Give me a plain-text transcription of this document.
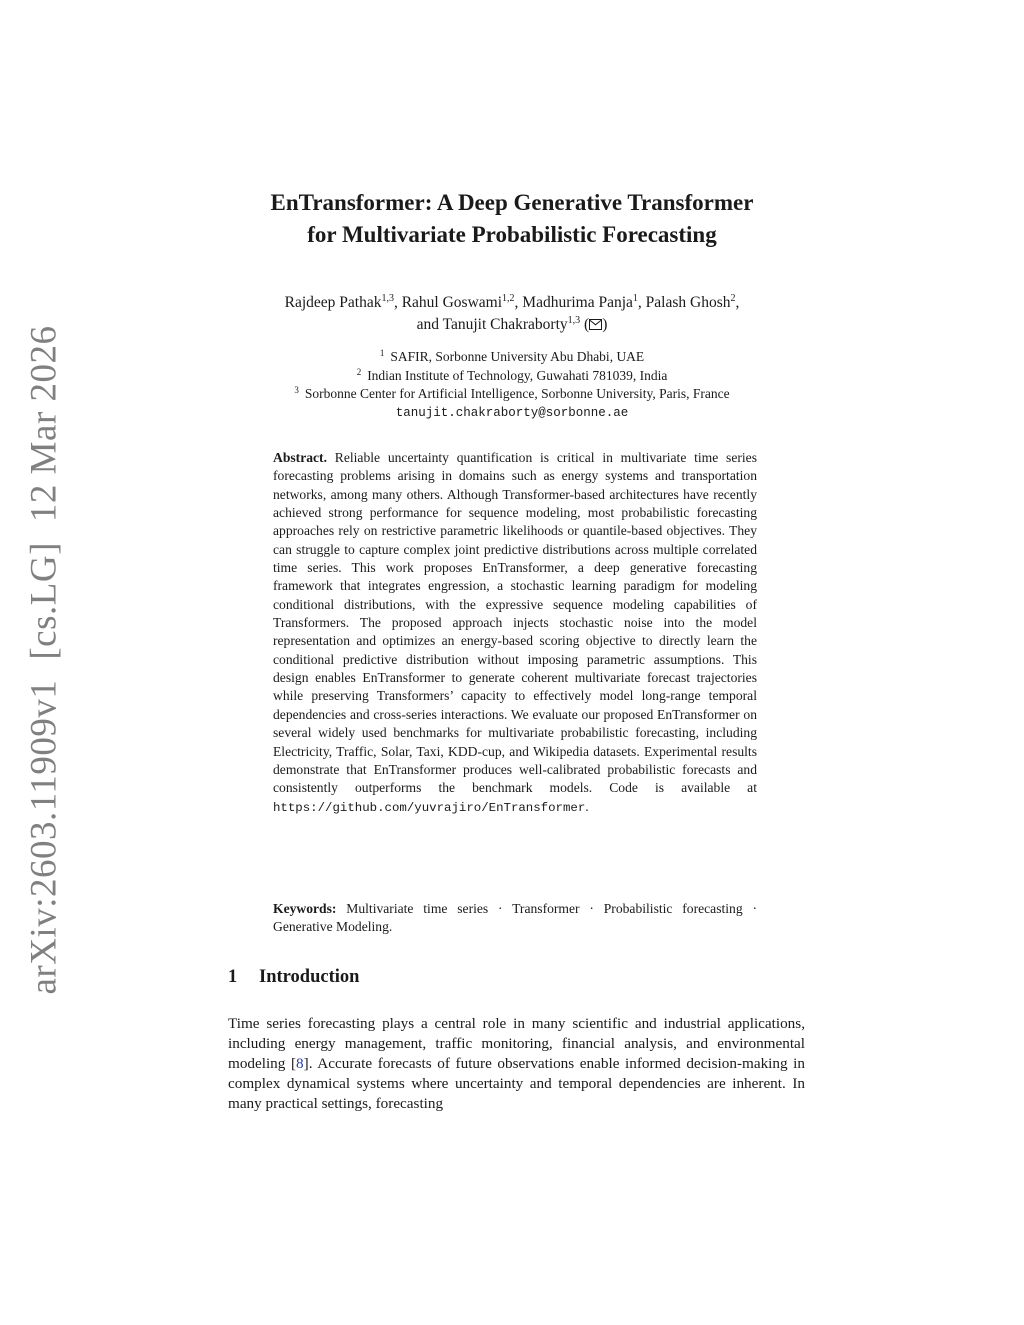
arXiv:2603.11909v1[cs.LG]12 Mar 2026
EnTransformer: A Deep Generative Transformer
for Multivariate Probabilistic Forecasting
Rajdeep Pathak$^{1,3}$, Rahul Goswami$^{1,2}$, Madhurima Panja$^1$, Palash Ghosh$^2$,
and Tanujit Chakraborty$^{1,3}$ ( )
$^1$ SAFIR, Sorbonne University Abu Dhabi, UAE
$^2$ Indian Institute of Technology, Guwahati 781039, India
$^3$ Sorbonne Center for Artificial Intelligence, Sorbonne University, Paris, France
tanujit.chakraborty@sorbonne.ae
Abstract. Reliable uncertainty quantification is critical in multivariate time series forecasting problems arising in domains such as energy systems and transportation networks, among many others. Although Transformer-based architectures have recently achieved strong performance for sequence modeling, most probabilistic forecasting approaches rely on restrictive parametric likelihoods or quantile-based objectives. They can struggle to capture complex joint predictive distributions across multiple correlated time series. This work proposes EnTransformer, a deep generative forecasting framework that integrates engression, a stochastic learning paradigm for modeling conditional distributions, with the expressive sequence modeling capabilities of Transformers. The proposed approach injects stochastic noise into the model representation and optimizes an energy-based scoring objective to directly learn the conditional predictive distribution without imposing parametric assumptions. This design enables EnTransformer to generate coherent multivariate forecast trajectories while preserving Transformers’ capacity to effectively model long-range temporal dependencies and cross-series interactions. We evaluate our proposed EnTransformer on several widely used benchmarks for multivariate probabilistic forecasting, including Electricity, Traffic, Solar, Taxi, KDD-cup, and Wikipedia datasets. Experimental results demonstrate that EnTransformer produces well-calibrated probabilistic forecasts and consistently outperforms the benchmark models. Code is available at https://github.com/yuvrajiro/EnTransformer.
Keywords: Multivariate time series · Transformer · Probabilistic forecasting · Generative Modeling.
1 Introduction
Time series forecasting plays a central role in many scientific and industrial applications, including energy management, traffic monitoring, financial analysis, and environmental modeling [8]. Accurate forecasts of future observations enable informed decision-making in complex dynamical systems where uncertainty and temporal dependencies are inherent. In many practical settings, forecasting
